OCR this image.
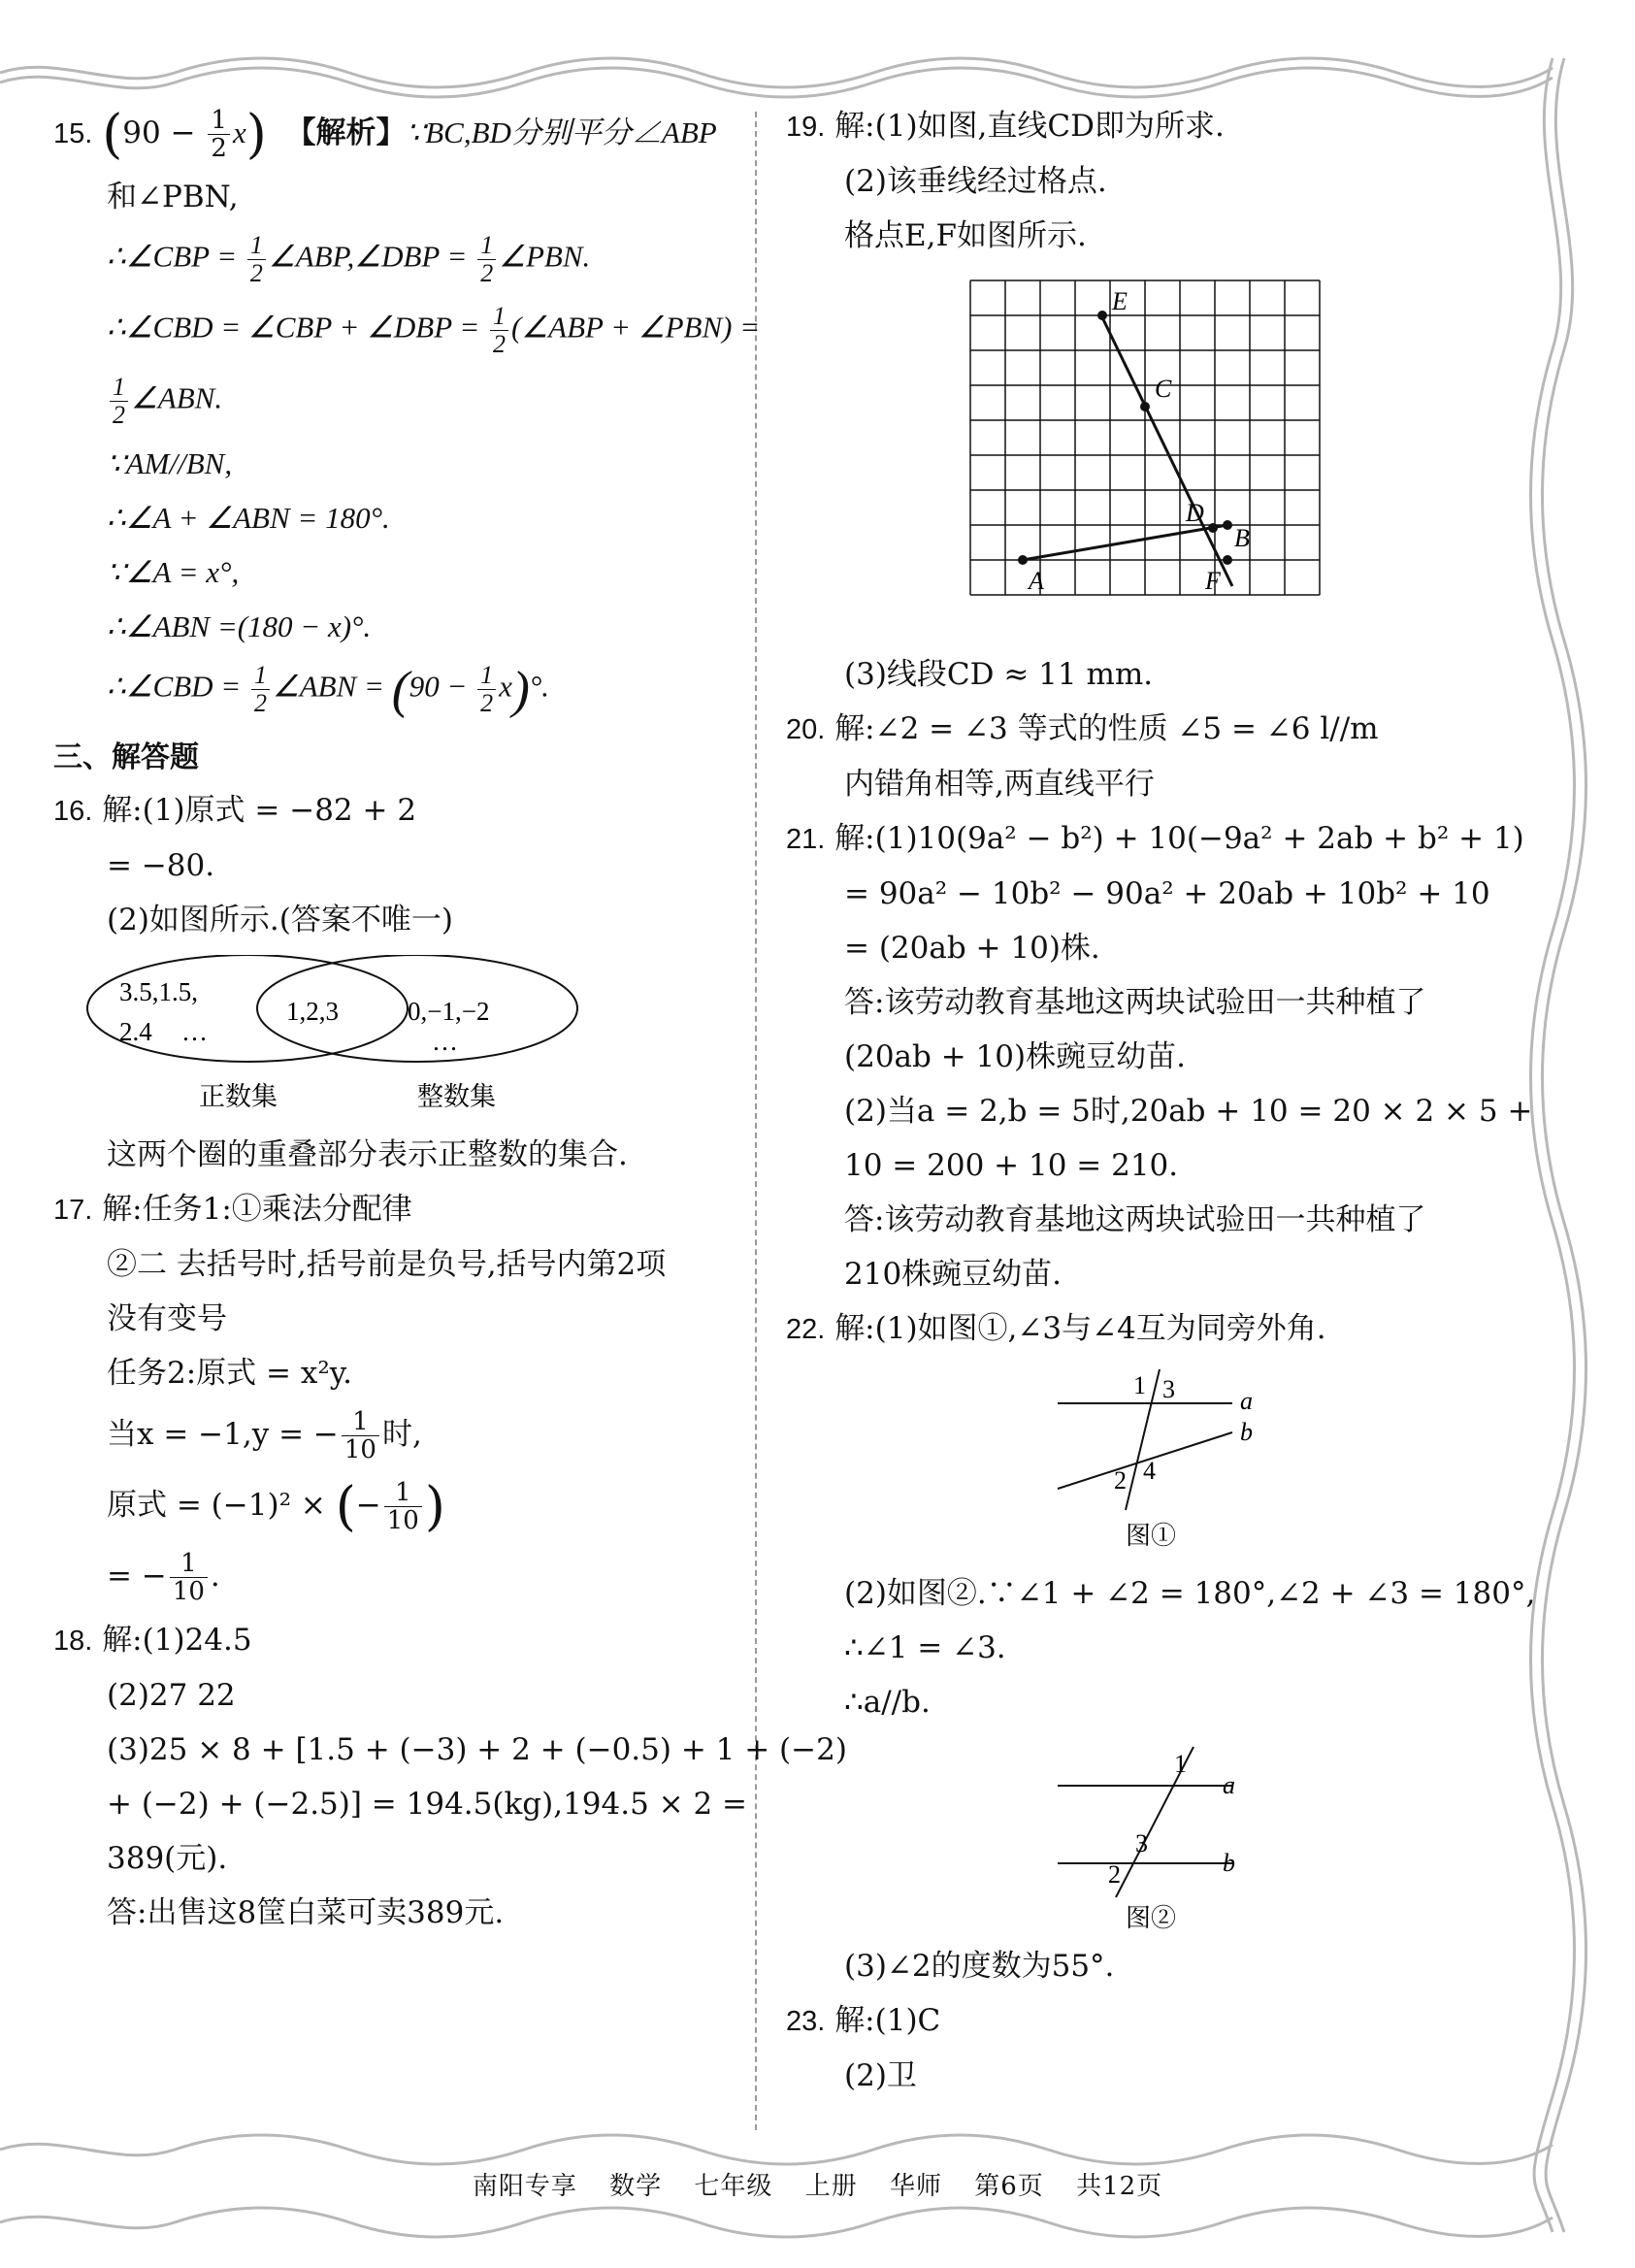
15. $(90 - \frac{1}{2} x)$ 【解析】∵BC,BD分别平分∠ABP
和∠PBN,
∴∠CBP = $\frac{1}{2}$ ∠ABP,∠DBP = $\frac{1}{2}$ ∠PBN.
∴∠CBD = ∠CBP + ∠DBP = $\frac{1}{2}$ (∠ABP + ∠PBN) =
$\frac{1}{2}$ ∠ABN.
∵AM//BN,
∴∠A + ∠ABN = 180°.
∵∠A = x°,
∴∠ABN =(180 − x)°.
∴∠CBD = $\frac{1}{2}$ ∠ABN = $(90 - \frac{1}{2} x)^\circ$.
三、解答题
16. 解:(1)原式 = −82 + 2
= −80.
(2)如图所示.(答案不唯一)
3.5,1.5,
2.4 …
1,2,3	0,−1,−2
…
正数集	整数集
这两个圈的重叠部分表示正整数的集合.
17. 解:任务1:①乘法分配律
②二 去括号时,括号前是负号,括号内第2项
没有变号
任务2:原式 = x²y.
当x = −1,y = − $\frac{1}{10}$ 时,
原式 = (−1)² × (− $\frac{1}{10}$ )
= − $\frac{1}{10}$ .
18. 解:(1)24.5
(2)27 22
(3)25 × 8 + [1.5 + (−3) + 2 + (−0.5) + 1 + (−2)
+ (−2) + (−2.5)] = 194.5(kg),194.5 × 2 =
389(元).
答:出售这8筐白菜可卖389元.
19. 解:(1)如图,直线CD即为所求.
(2)该垂线经过格点.
格点E,F如图所示.
E
C
D
B
A	F
(3)线段CD ≈ 11 mm.
20. 解:∠2 = ∠3 等式的性质 ∠5 = ∠6 l//m
内错角相等,两直线平行
21. 解:(1)10(9a² − b²) + 10(−9a² + 2ab + b² + 1)
= 90a² − 10b² − 90a² + 20ab + 10b² + 10
= (20ab + 10)株.
答:该劳动教育基地这两块试验田一共种植了
(20ab + 10)株豌豆幼苗.
(2)当a = 2,b = 5时,20ab + 10 = 20 × 2 × 5 +
10 = 200 + 10 = 210.
答:该劳动教育基地这两块试验田一共种植了
210株豌豆幼苗.
22. 解:(1)如图①,∠3与∠4互为同旁外角.
1 3	a
b
2 4
图①
(2)如图②.∵∠1 + ∠2 = 180°,∠2 + ∠3 = 180°,
∴∠1 = ∠3.
∴a//b.
1
a
3
2	b
图②
(3)∠2的度数为55°.
23. 解:(1)C
(2)卫
南阳专享 数学 七年级 上册 华师 第6页 共12页
